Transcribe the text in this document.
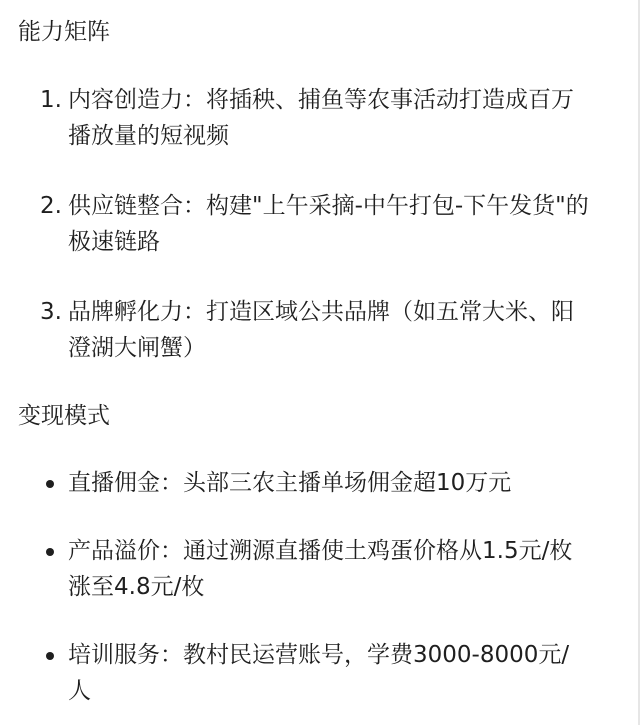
能力矩阵
1. 内容创造力：将插秧、捕鱼等农事活动打造成百万播放量的短视频
2. 供应链整合：构建"上午采摘-中午打包-下午发货"的极速链路
3. 品牌孵化力：打造区域公共品牌（如五常大米、阳澄湖大闸蟹）
变现模式
直播佣金：头部三农主播单场佣金超10万元
产品溢价：通过溯源直播使土鸡蛋价格从1.5元/枚涨至4.8元/枚
培训服务：教村民运营账号，学费3000-8000元/人
